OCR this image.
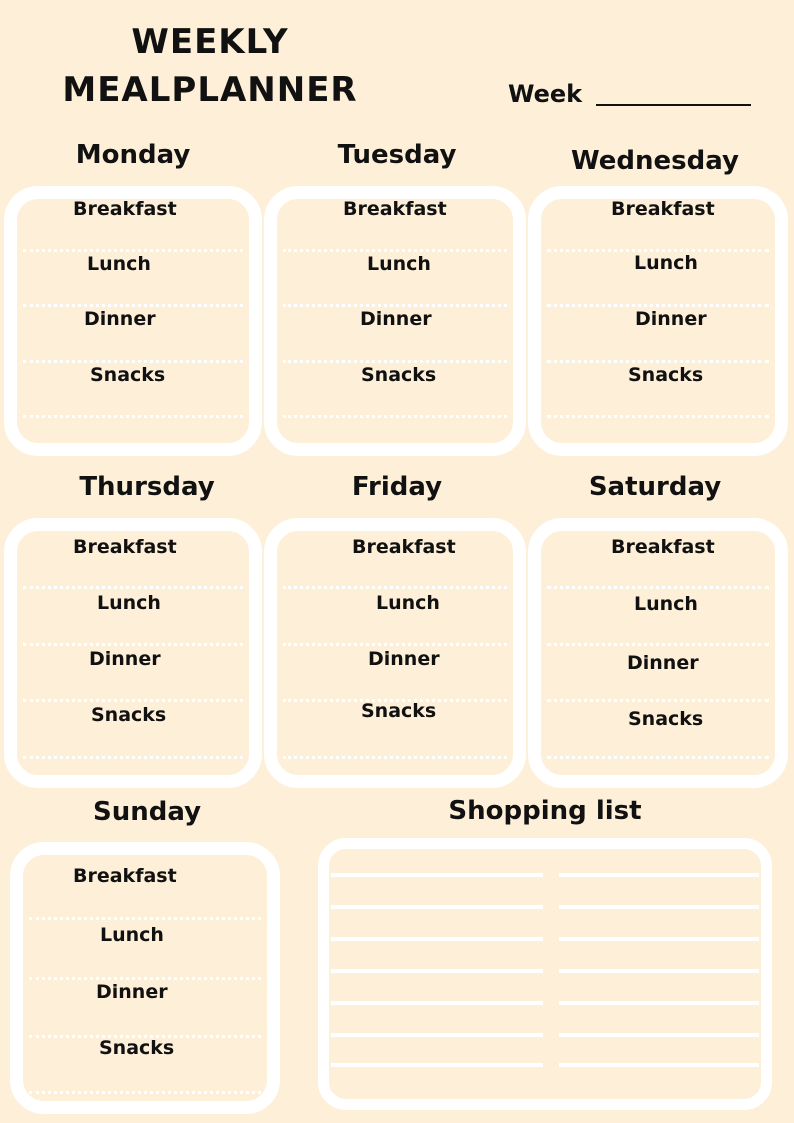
WEEKLY
MEALPLANNER	Week
Monday	Tuesday	Wednesday
Thursday	Friday	Saturday
Sunday
Breakfast
Lunch
Dinner
Snacks
Breakfast
Lunch
Dinner
Snacks
Breakfast
Lunch
Dinner
Snacks
Breakfast
Lunch
Dinner
Snacks
Breakfast
Lunch
Dinner
Snacks
Breakfast
Lunch
Dinner
Snacks
Breakfast
Lunch
Dinner
Snacks
Shopping list
